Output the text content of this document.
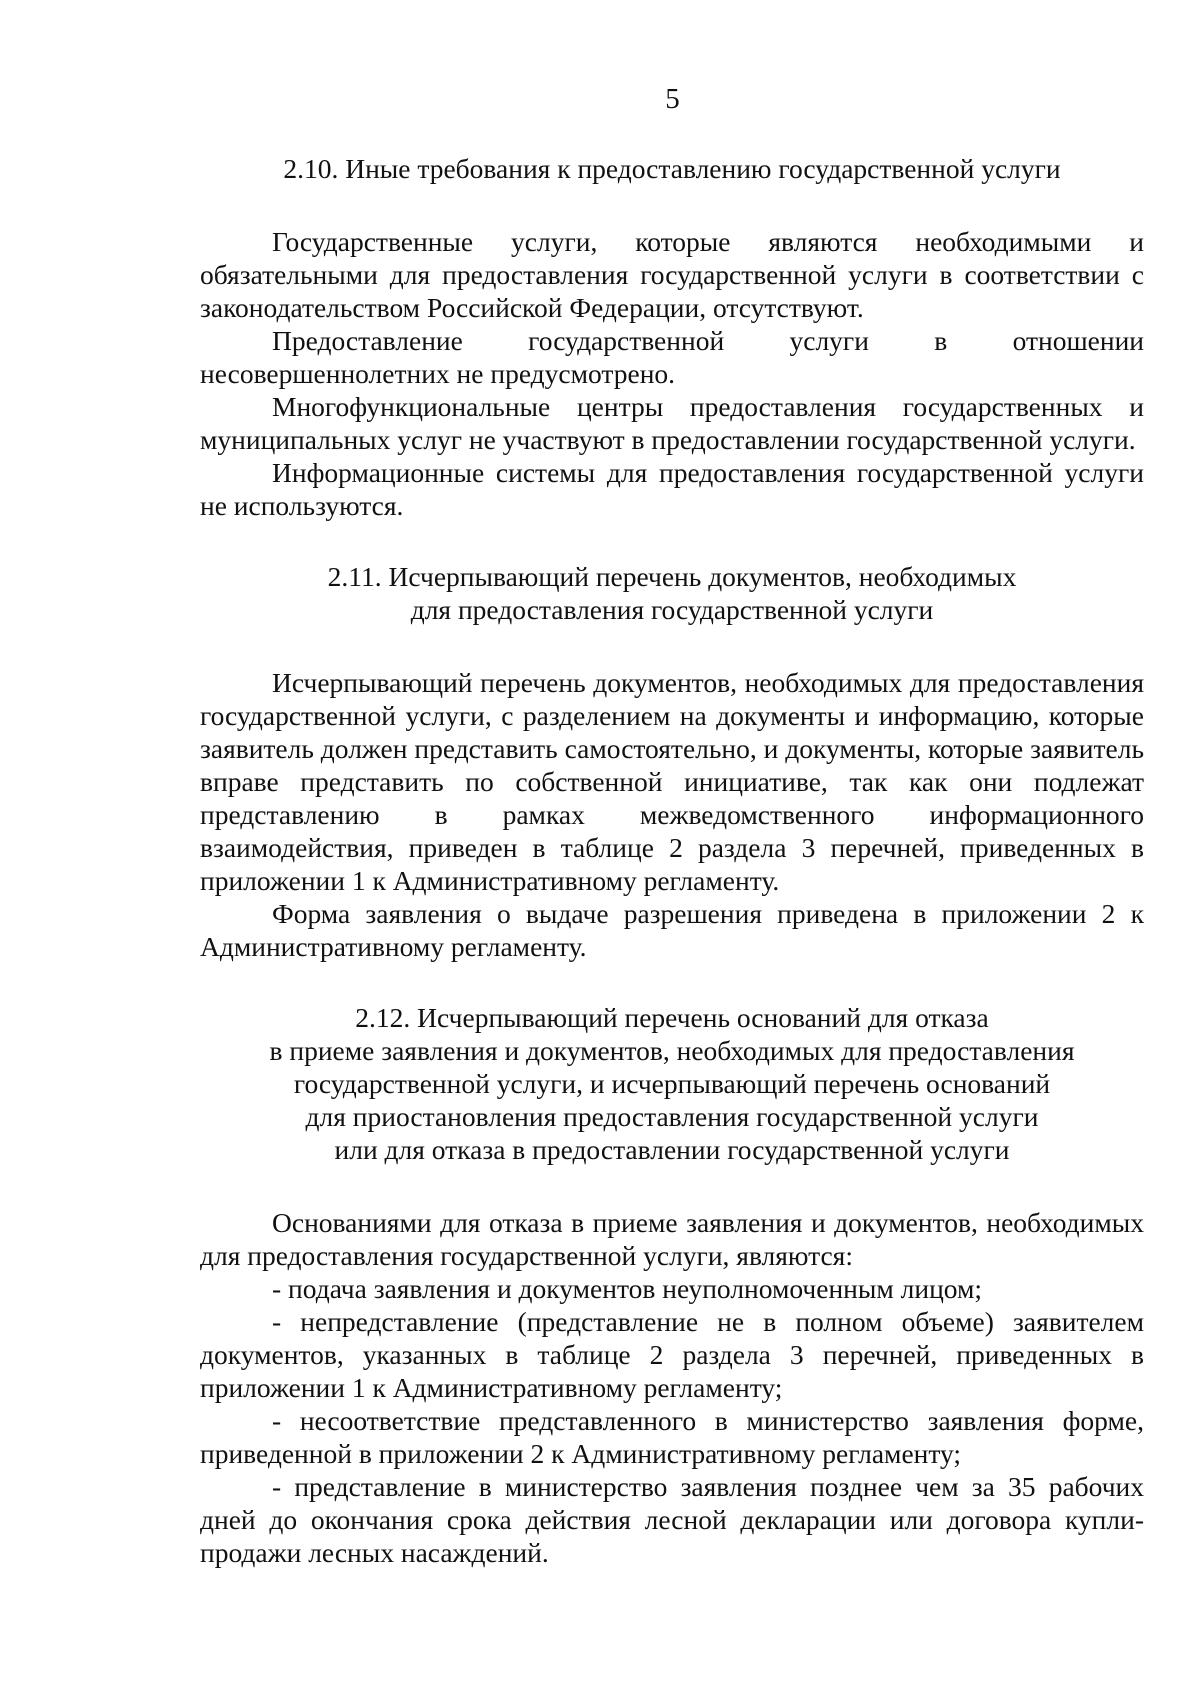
5

2.10. Иные требования к предоставлению государственной услуги

Государственные услуги, которые являются необходимыми и обязательными для предоставления государственной услуги в соответствии с законодательством Российской Федерации, отсутствуют.

Предоставление государственной услуги в отношении несовершеннолетних не предусмотрено.

Многофункциональные центры предоставления государственных и муниципальных услуг не участвуют в предоставлении государственной услуги.

Информационные системы для предоставления государственной услуги не используются.

2.11. Исчерпывающий перечень документов, необходимых

для предоставления государственной услуги

Исчерпывающий перечень документов, необходимых для предоставления государственной услуги, с разделением на документы и информацию, которые заявитель должен представить самостоятельно, и документы, которые заявитель вправе представить по собственной инициативе, так как они подлежат представлению в рамках межведомственного информационного взаимодействия, приведен в таблице 2 раздела 3 перечней, приведенных в приложении 1 к Административному регламенту.

Форма заявления о выдаче разрешения приведена в приложении 2 к Административному регламенту.

2.12. Исчерпывающий перечень оснований для отказа

в приеме заявления и документов, необходимых для предоставления

государственной услуги, и исчерпывающий перечень оснований

для приостановления предоставления государственной услуги

или для отказа в предоставлении государственной услуги

Основаниями для отказа в приеме заявления и документов, необходимых для предоставления государственной услуги, являются:

- подача заявления и документов неуполномоченным лицом;

- непредставление (представление не в полном объеме) заявителем документов, указанных в таблице 2 раздела 3 перечней, приведенных в приложении 1 к Административному регламенту;

- несоответствие представленного в министерство заявления форме, приведенной в приложении 2 к Административному регламенту;

- представление в министерство заявления позднее чем за 35 рабочих дней до окончания срока действия лесной декларации или договора купли-продажи лесных насаждений.
